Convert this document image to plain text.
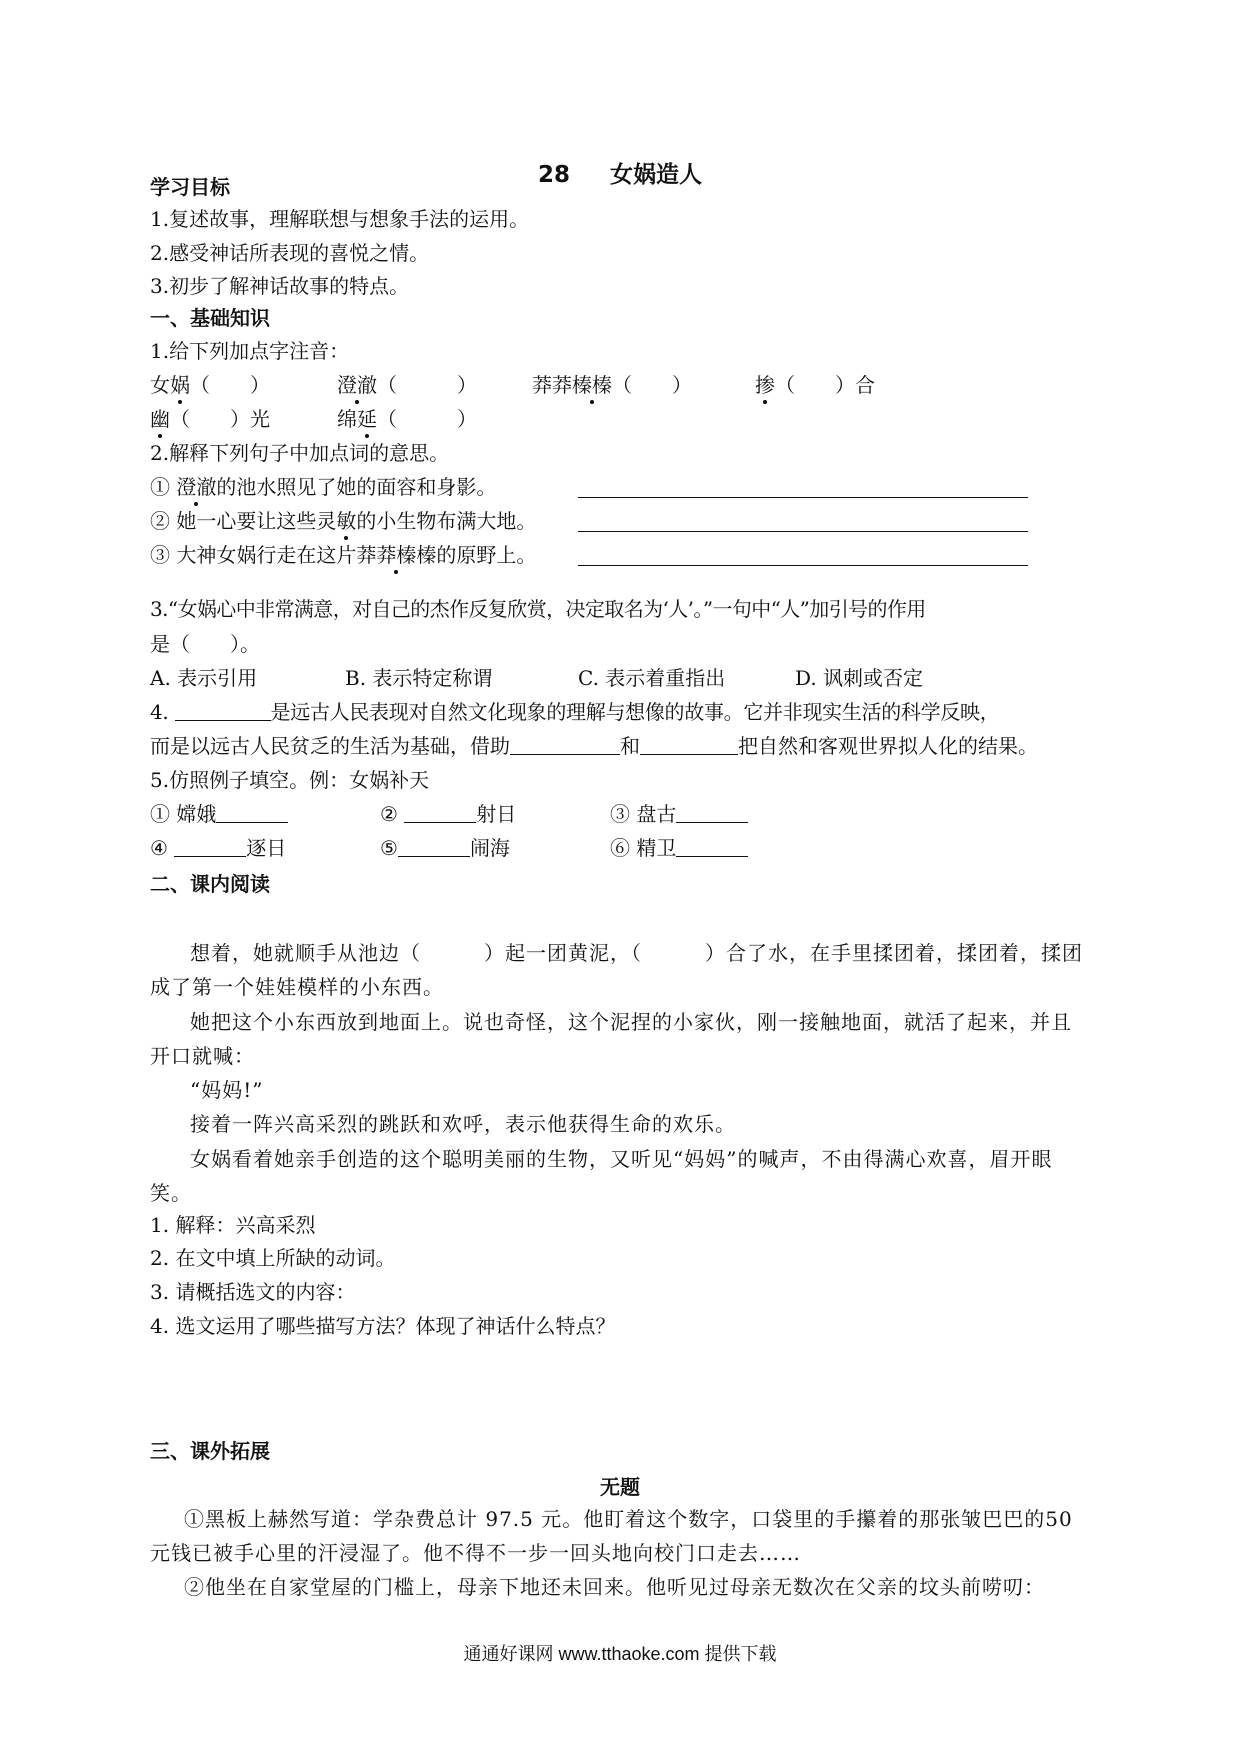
28 女娲造人
学习目标
1.复述故事，理解联想与想象手法的运用。
2.感受神话所表现的喜悦之情。
3.初步了解神话故事的特点。
一、基础知识
1.给下列加点字注音：
女娲（　　）	澄澈（　　　）	莽莽榛榛（　　）	掺（　　）合
幽（　　）光	绵延（　　　）
2.解释下列句子中加点词的意思。
① 澄澈的池水照见了她的面容和身影。
② 她一心要让这些灵敏的小生物布满大地。
③ 大神女娲行走在这片莽莽榛榛的原野上。
3.“女娲心中非常满意，对自己的杰作反复欣赏，决定取名为‘人’。”一句中“人”加引号的作用
是（　　）。
A. 表示引用	B. 表示特定称谓	C. 表示着重指出	D. 讽刺或否定
4.	是远古人民表现对自然文化现象的理解与想像的故事。它并非现实生活的科学反映，
而是以远古人民贫乏的生活为基础，借助	和	把自然和客观世界拟人化的结果。
5.仿照例子填空。例：女娲补天
① 嫦娥	②	射日	③ 盘古
④	逐日	⑤	闹海	⑥ 精卫
二、课内阅读
想着，她就顺手从池边（　　　）起一团黄泥，（　　　）合了水，在手里揉团着，揉团着，揉团成了第一个娃娃模样的小东西。
她把这个小东西放到地面上。说也奇怪，这个泥捏的小家伙，刚一接触地面，就活了起来，并且开口就喊：
“妈妈!”
接着一阵兴高采烈的跳跃和欢呼，表示他获得生命的欢乐。
女娲看着她亲手创造的这个聪明美丽的生物，又听见“妈妈”的喊声，不由得满心欢喜，眉开眼笑。
1. 解释：兴高采烈
2. 在文中填上所缺的动词。
3. 请概括选文的内容：
4. 选文运用了哪些描写方法？体现了神话什么特点？
三、课外拓展
无题
①黑板上赫然写道：学杂费总计 97.5 元。他盯着这个数字，口袋里的手攥着的那张皱巴巴的50元钱已被手心里的汗浸湿了。他不得不一步一回头地向校门口走去……
②他坐在自家堂屋的门槛上，母亲下地还未回来。他听见过母亲无数次在父亲的坟头前唠叨：
通通好课网 www.tthaoke.com 提供下载
